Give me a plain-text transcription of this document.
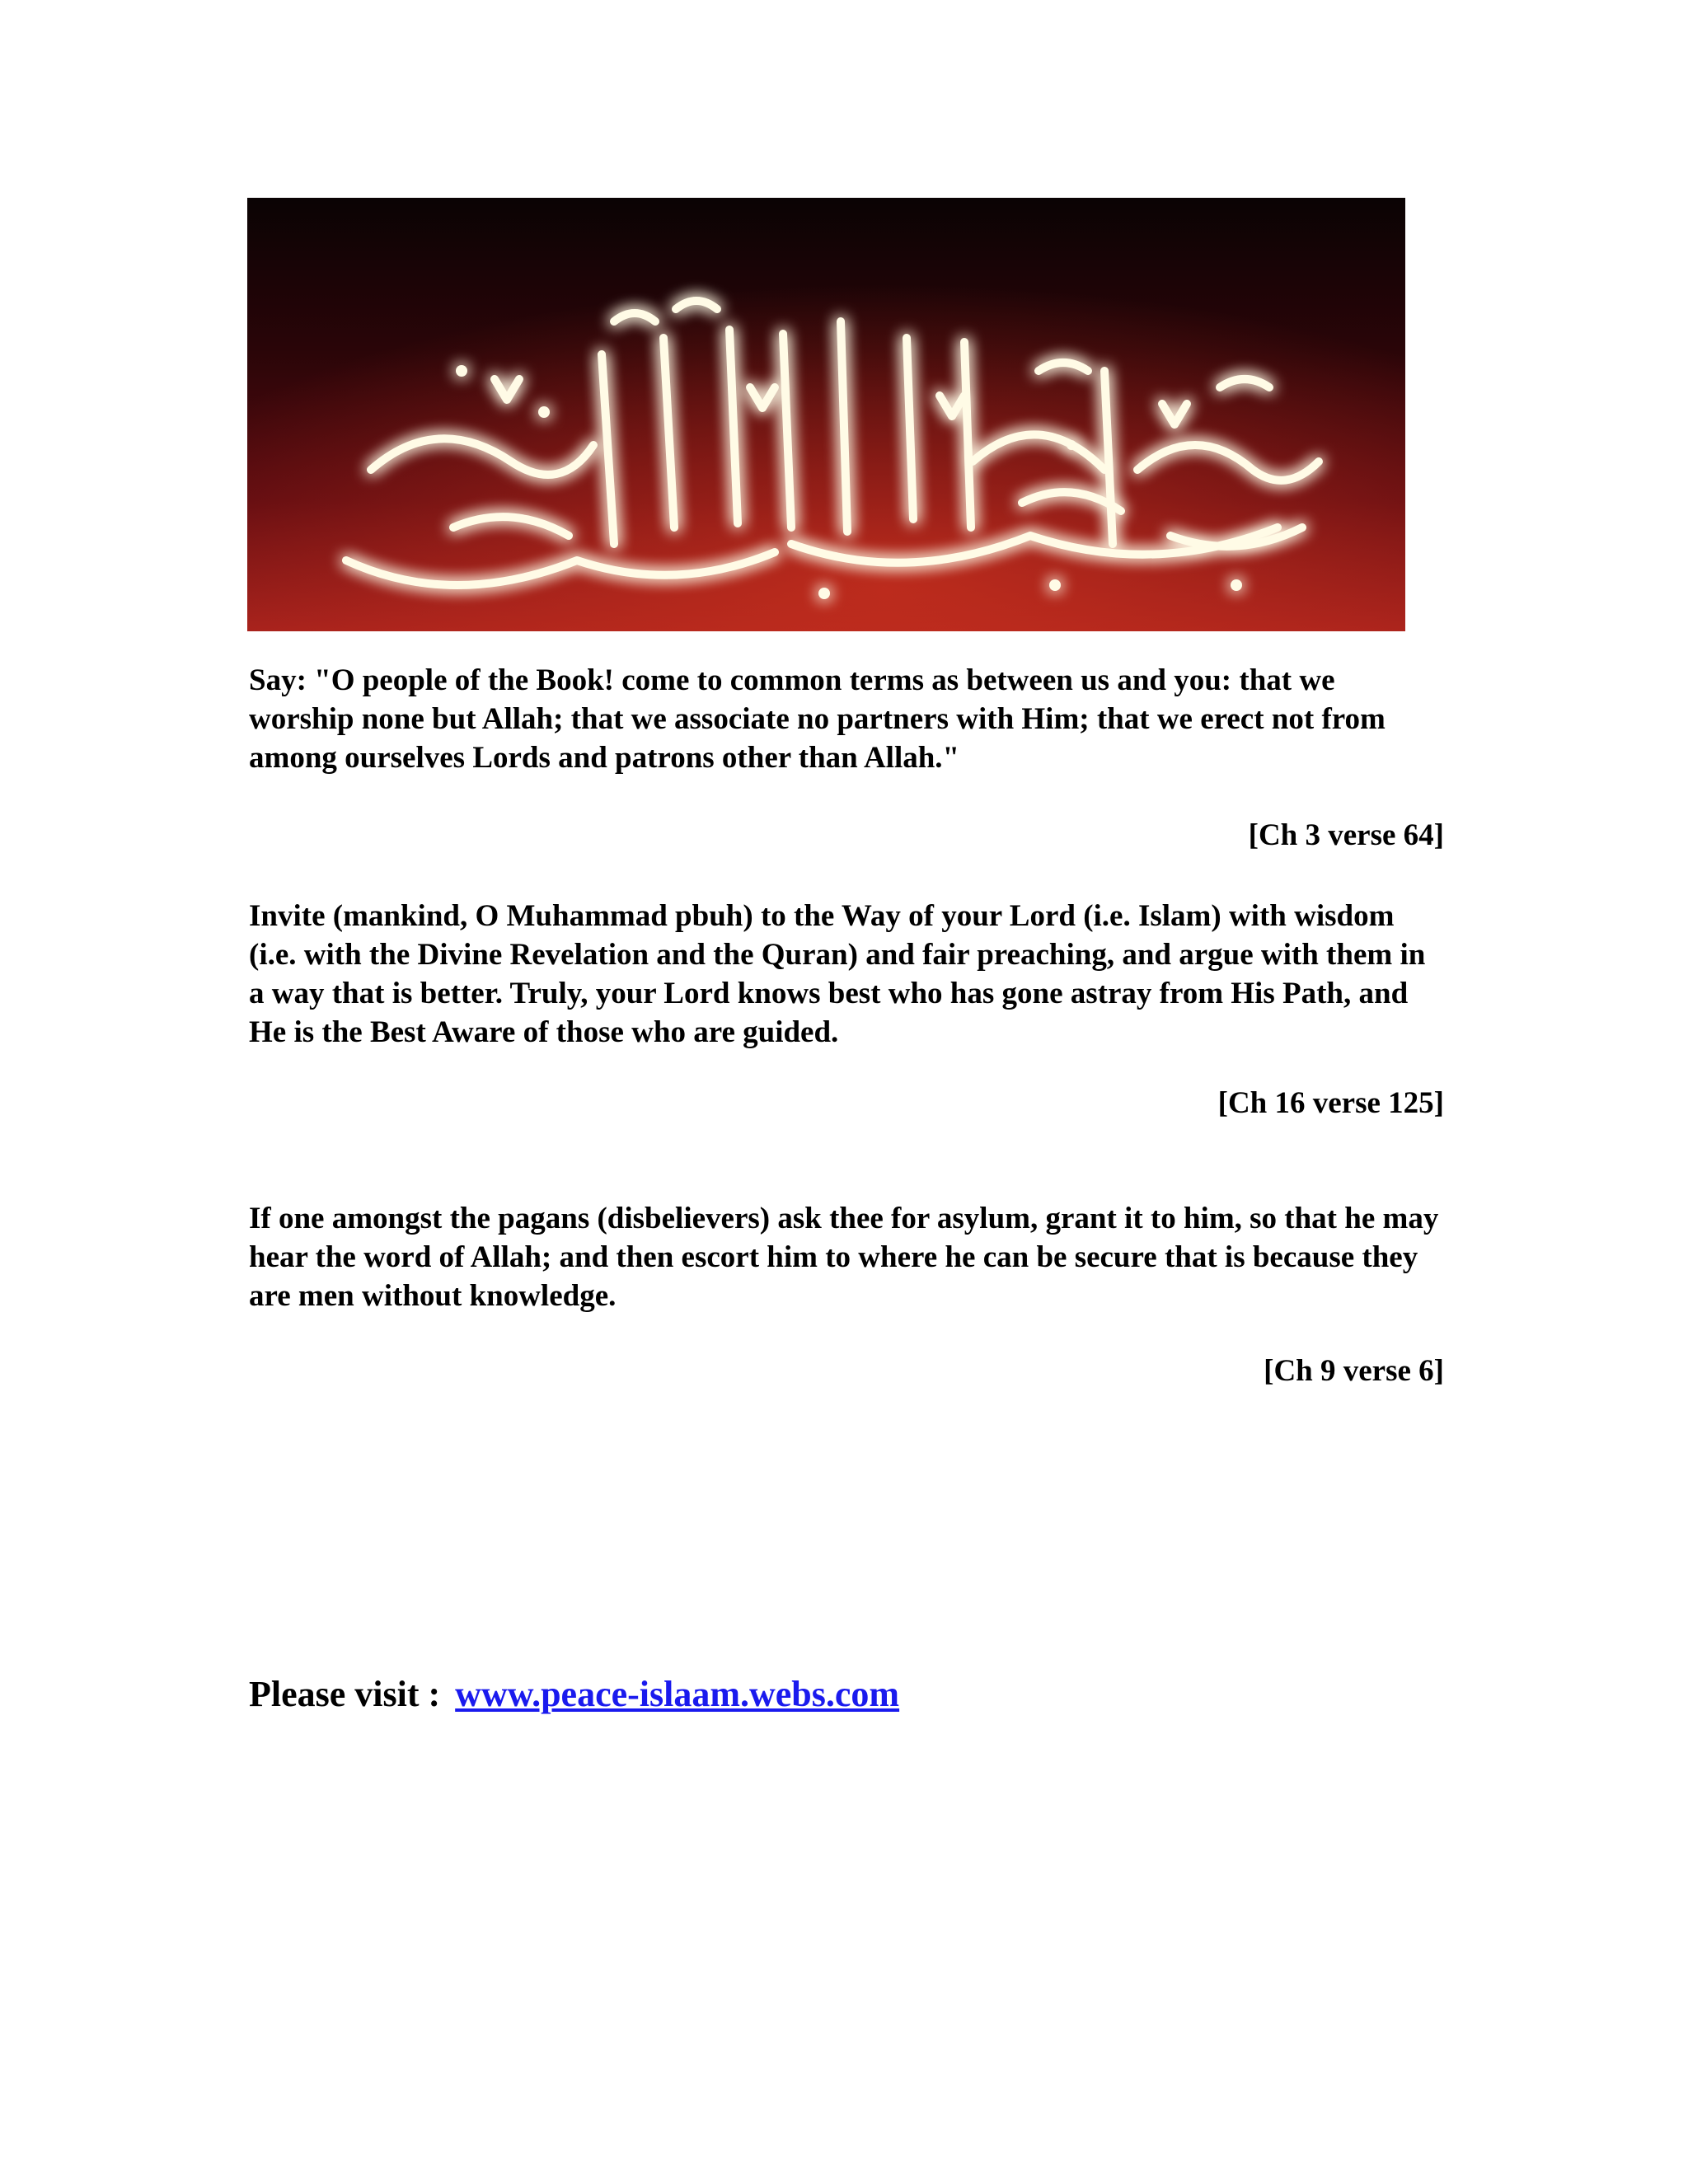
Say: "O people of the Book! come to common terms as between us and you: that we worship none but Allah; that we associate no partners with Him; that we erect not from among ourselves Lords and patrons other than Allah."

[Ch 3 verse 64]

Invite (mankind, O Muhammad pbuh) to the Way of your Lord (i.e. Islam) with wisdom (i.e. with the Divine Revelation and the Quran) and fair preaching, and argue with them in a way that is better. Truly, your Lord knows best who has gone astray from His Path, and He is the Best Aware of those who are guided.

[Ch 16 verse 125]

If one amongst the pagans (disbelievers) ask thee for asylum, grant it to him, so that he may hear the word of Allah; and then escort him to where he can be secure that is because they are men without knowledge.

[Ch 9 verse 6]

Please visit : www.peace-islaam.webs.com
